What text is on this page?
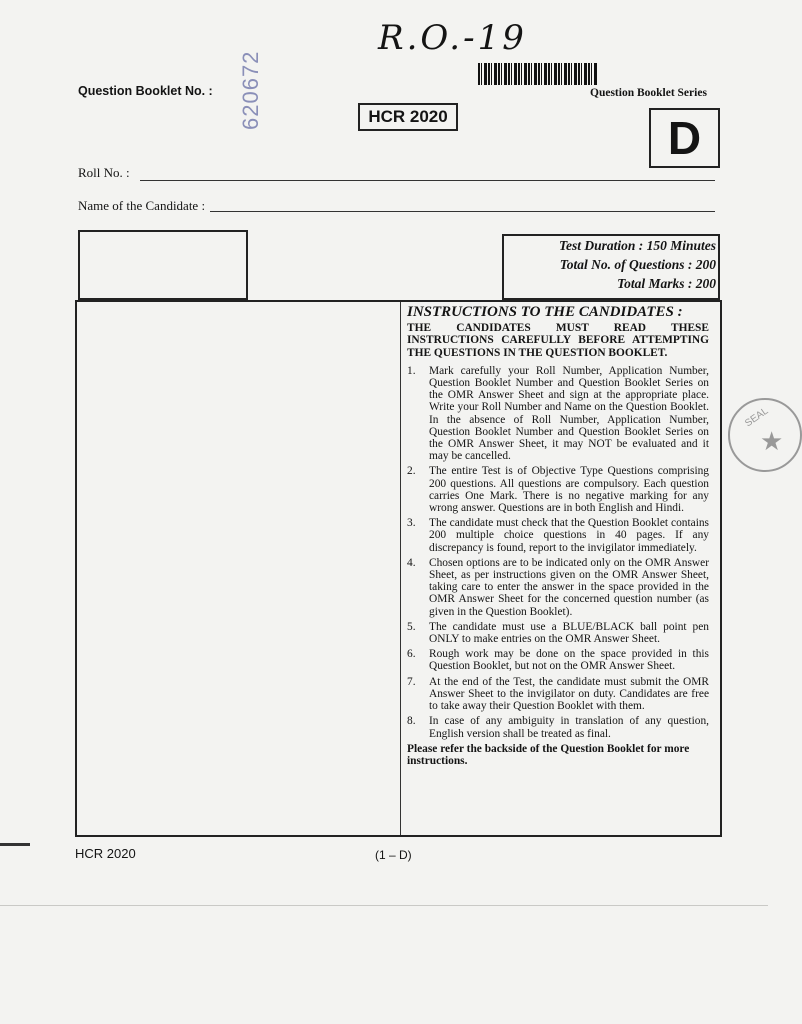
R.O.-19
Question Booklet No. : 620672	Question Booklet Series
HCR 2020	D
Roll No. :
Name of the Candidate :
Test Duration : 150 Minutes
Total No. of Questions : 200
Total Marks : 200
INSTRUCTIONS TO THE CANDIDATES :
THE CANDIDATES MUST READ THESE INSTRUCTIONS CAREFULLY BEFORE ATTEMPTING THE QUESTIONS IN THE QUESTION BOOKLET.
1. Mark carefully your Roll Number, Application Number, Question Booklet Number and Question Booklet Series on the OMR Answer Sheet and sign at the appropriate place. Write your Roll Number and Name on the Question Booklet. In the absence of Roll Number, Application Number, Question Booklet Number and Question Booklet Series on the OMR Answer Sheet, it may NOT be evaluated and it may be cancelled.
2. The entire Test is of Objective Type Questions comprising 200 questions. All questions are compulsory. Each question carries One Mark. There is no negative marking for any wrong answer. Questions are in both English and Hindi.
3. The candidate must check that the Question Booklet contains 200 multiple choice questions in 40 pages. If any discrepancy is found, report to the invigilator immediately.
4. Chosen options are to be indicated only on the OMR Answer Sheet, as per instructions given on the OMR Answer Sheet, taking care to enter the answer in the space provided in the OMR Answer Sheet for the concerned question number (as given in the Question Booklet).
5. The candidate must use a BLUE/BLACK ball point pen ONLY to make entries on the OMR Answer Sheet.
6. Rough work may be done on the space provided in this Question Booklet, but not on the OMR Answer Sheet.
7. At the end of the Test, the candidate must submit the OMR Answer Sheet to the invigilator on duty. Candidates are free to take away their Question Booklet with them.
8. In case of any ambiguity in translation of any question, English version shall be treated as final.
Please refer the backside of the Question Booklet for more instructions.
SEAL
★
HCR 2020	(1 – D)
